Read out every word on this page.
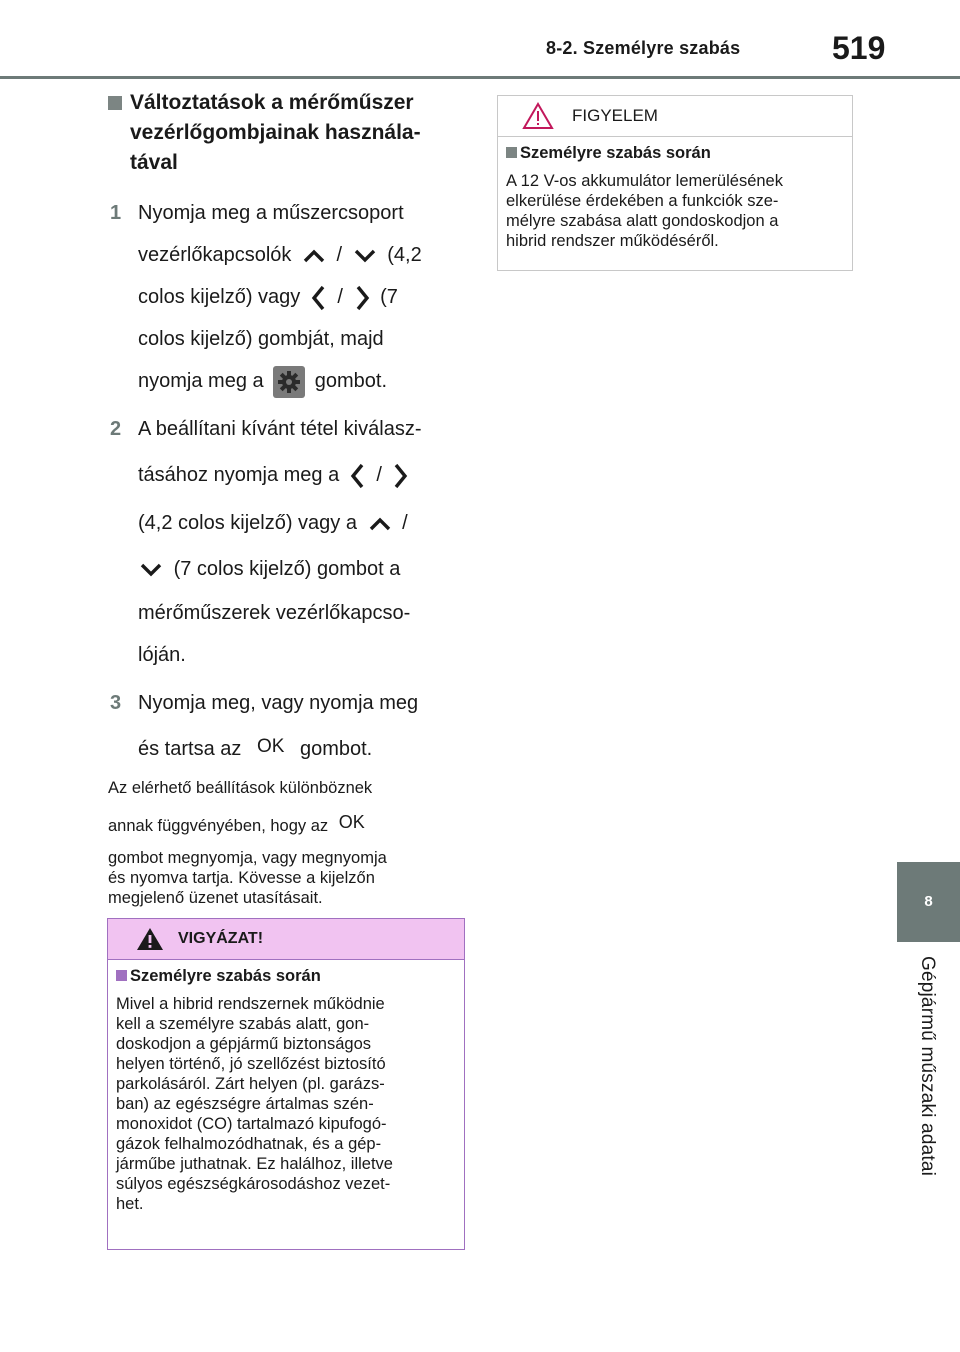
8-2. Személyre szabás	519
8
Gépjármű műszaki adatai
Változtatások a mérőműszer
vezérlőgombjainak használa-
tával
1 Nyomja meg a műszercsoport
vezérlőkapcsolók / (4,2
colos kijelző) vagy / (7
colos kijelző) gombját, majd
nyomja meg a	gombot.
2 A beállítani kívánt tétel kiválasz-
tásához nyomja meg a /
(4,2 colos kijelző) vagy a /
(7 colos kijelző) gombot a
mérőműszerek vezérlőkapcso-
lóján.
3 Nyomja meg, vagy nyomja meg
és tartsa az OK gombot.
Az elérhető beállítások különböznek
annak függvényében, hogy az OK
gombot megnyomja, vagy megnyomja
és nyomva tartja. Kövesse a kijelzőn
megjelenő üzenet utasításait.
VIGYÁZAT!
Személyre szabás során
Mivel a hibrid rendszernek működnie
kell a személyre szabás alatt, gon-
doskodjon a gépjármű biztonságos
helyen történő, jó szellőzést biztosító
parkolásáról. Zárt helyen (pl. garázs-
ban) az egészségre ártalmas szén-
monoxidot (CO) tartalmazó kipufogó-
gázok felhalmozódhatnak, és a gép-
járműbe juthatnak. Ez halálhoz, illetve
súlyos egészségkárosodáshoz vezet-
het.
FIGYELEM
Személyre szabás során
A 12 V-os akkumulátor lemerülésének
elkerülése érdekében a funkciók sze-
mélyre szabása alatt gondoskodjon a
hibrid rendszer működéséről.
